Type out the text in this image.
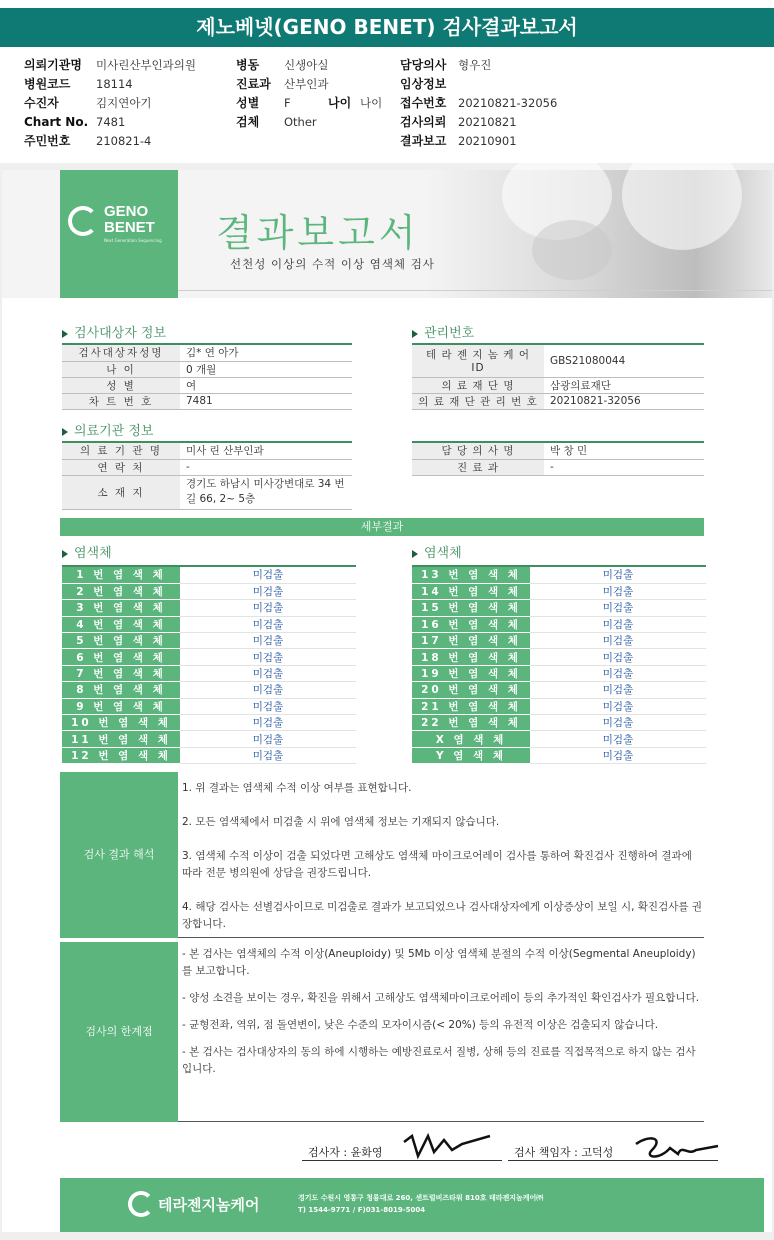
제노베넷(GENO BENET) 검사결과보고서
의뢰기관명 미사린산부인과의원
병원코드 18114
수진자	김지연아기
Chart No. 7481
주민번호 210821-4
병동 신생아실
진료과 산부인과
성별 F	나이 나이
검체 Other
담당의사 형우진
임상정보
접수번호 20210821-32056
검사의뢰 20210821
결과보고 20210901
GENO
BENET
Next Generation Sequencing 결과보고서
선천성 이상의 수적 이상 염색체 검사
검사대상자 정보
검사대상자성명	김* 연 아가
나 이	0 개월
성 별	여
차 트 번 호	7481
관리번호
테 라 젠 지 놈 케 어 ID	GBS21080044
의 료 재 단 명	삼광의료재단
의 료 재 단 관 리 번 호	20210821-32056
의료기관 정보
의 료 기 관 명	미사 린 산부인과
연 락 처	-
소 재 지	경기도 하남시 미사강변대로 34 번길 66, 2~ 5층
담 당 의 사 명	박 창 민
진 료 과	-
세부결과
염색체	염색체
1 번 염 색 체	미검출
2 번 염 색 체	미검출
3 번 염 색 체	미검출
4 번 염 색 체	미검출
5 번 염 색 체	미검출
6 번 염 색 체	미검출
7 번 염 색 체	미검출
8 번 염 색 체	미검출
9 번 염 색 체	미검출
10 번 염 색 체	미검출
11 번 염 색 체	미검출
12 번 염 색 체	미검출
13 번 염 색 체	미검출
14 번 염 색 체	미검출
15 번 염 색 체	미검출
16 번 염 색 체	미검출
17 번 염 색 체	미검출
18 번 염 색 체	미검출
19 번 염 색 체	미검출
20 번 염 색 체	미검출
21 번 염 색 체	미검출
22 번 염 색 체	미검출
X 염 색 체	미검출
Y 염 색 체	미검출
검사 결과 해석

1. 위 결과는 염색체 수적 이상 여부를 표현합니다.

2. 모든 염색체에서 미검출 시 위에 염색체 정보는 기재되지 않습니다.

3. 염색체 수적 이상이 검출 되었다면 고해상도 염색체 마이크로어레이 검사를 통하여 확진검사 진행하여 결과에 따라 전문 병의원에 상담을 권장드립니다.

4. 해당 검사는 선별검사이므로 미검출로 결과가 보고되었으나 검사대상자에게 이상증상이 보일 시, 확진검사를 권장합니다.

검사의 한계점

- 본 검사는 염색체의 수적 이상(Aneuploidy) 및 5Mb 이상 염색체 분절의 수적 이상(Segmental Aneuploidy)를 보고합니다.

- 양성 소견을 보이는 경우, 확진을 위해서 고해상도 염색체마이크로어레이 등의 추가적인 확인검사가 필요합니다.

- 균형전좌, 역위, 점 돌연변이, 낮은 수준의 모자이시즘(< 20%) 등의 유전적 이상은 검출되지 않습니다.

- 본 검사는 검사대상자의 동의 하에 시행하는 예방진료로서 질병, 상해 등의 진료를 직접목적으로 하지 않는 검사입니다.

검사자 : 윤화영	검사 책임자 : 고덕성
테라젠지놈케어	경기도 수원시 영통구 청룡대로 260, 센트럴비즈타워 810호 테라젠지놈케어㈜
T) 1544-9771 / F)031-8019-5004
